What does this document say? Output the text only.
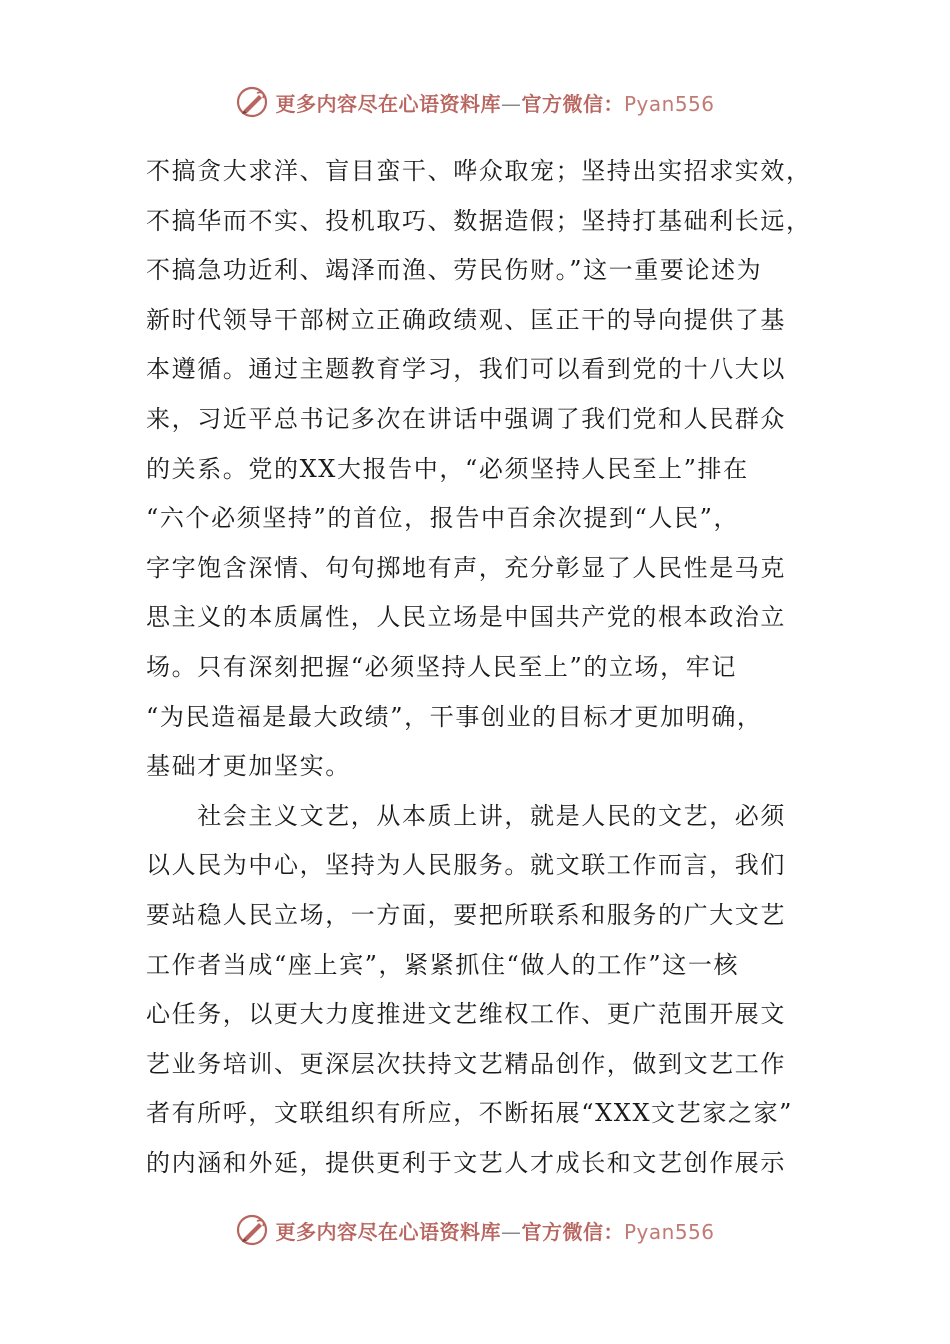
更多内容尽在心语资料库—官方微信：Pyan556
不搞贪大求洋、盲目蛮干、哗众取宠；坚持出实招求实效，
不搞华而不实、投机取巧、数据造假；坚持打基础利长远，
不搞急功近利、竭泽而渔、劳民伤财。”这一重要论述为
新时代领导干部树立正确政绩观、匡正干的导向提供了基
本遵循。通过主题教育学习，我们可以看到党的十八大以
来，习近平总书记多次在讲话中强调了我们党和人民群众
的关系。党的XX大报告中，“必须坚持人民至上”排在
“六个必须坚持”的首位，报告中百余次提到“人民”，
字字饱含深情、句句掷地有声，充分彰显了人民性是马克
思主义的本质属性，人民立场是中国共产党的根本政治立
场。只有深刻把握“必须坚持人民至上”的立场，牢记
“为民造福是最大政绩”，干事创业的目标才更加明确，
基础才更加坚实。
　　社会主义文艺，从本质上讲，就是人民的文艺，必须
以人民为中心，坚持为人民服务。就文联工作而言，我们
要站稳人民立场，一方面，要把所联系和服务的广大文艺
工作者当成“座上宾”，紧紧抓住“做人的工作”这一核
心任务，以更大力度推进文艺维权工作、更广范围开展文
艺业务培训、更深层次扶持文艺精品创作，做到文艺工作
者有所呼，文联组织有所应，不断拓展“XXX文艺家之家”
的内涵和外延，提供更利于文艺人才成长和文艺创作展示
更多内容尽在心语资料库—官方微信：Pyan556
